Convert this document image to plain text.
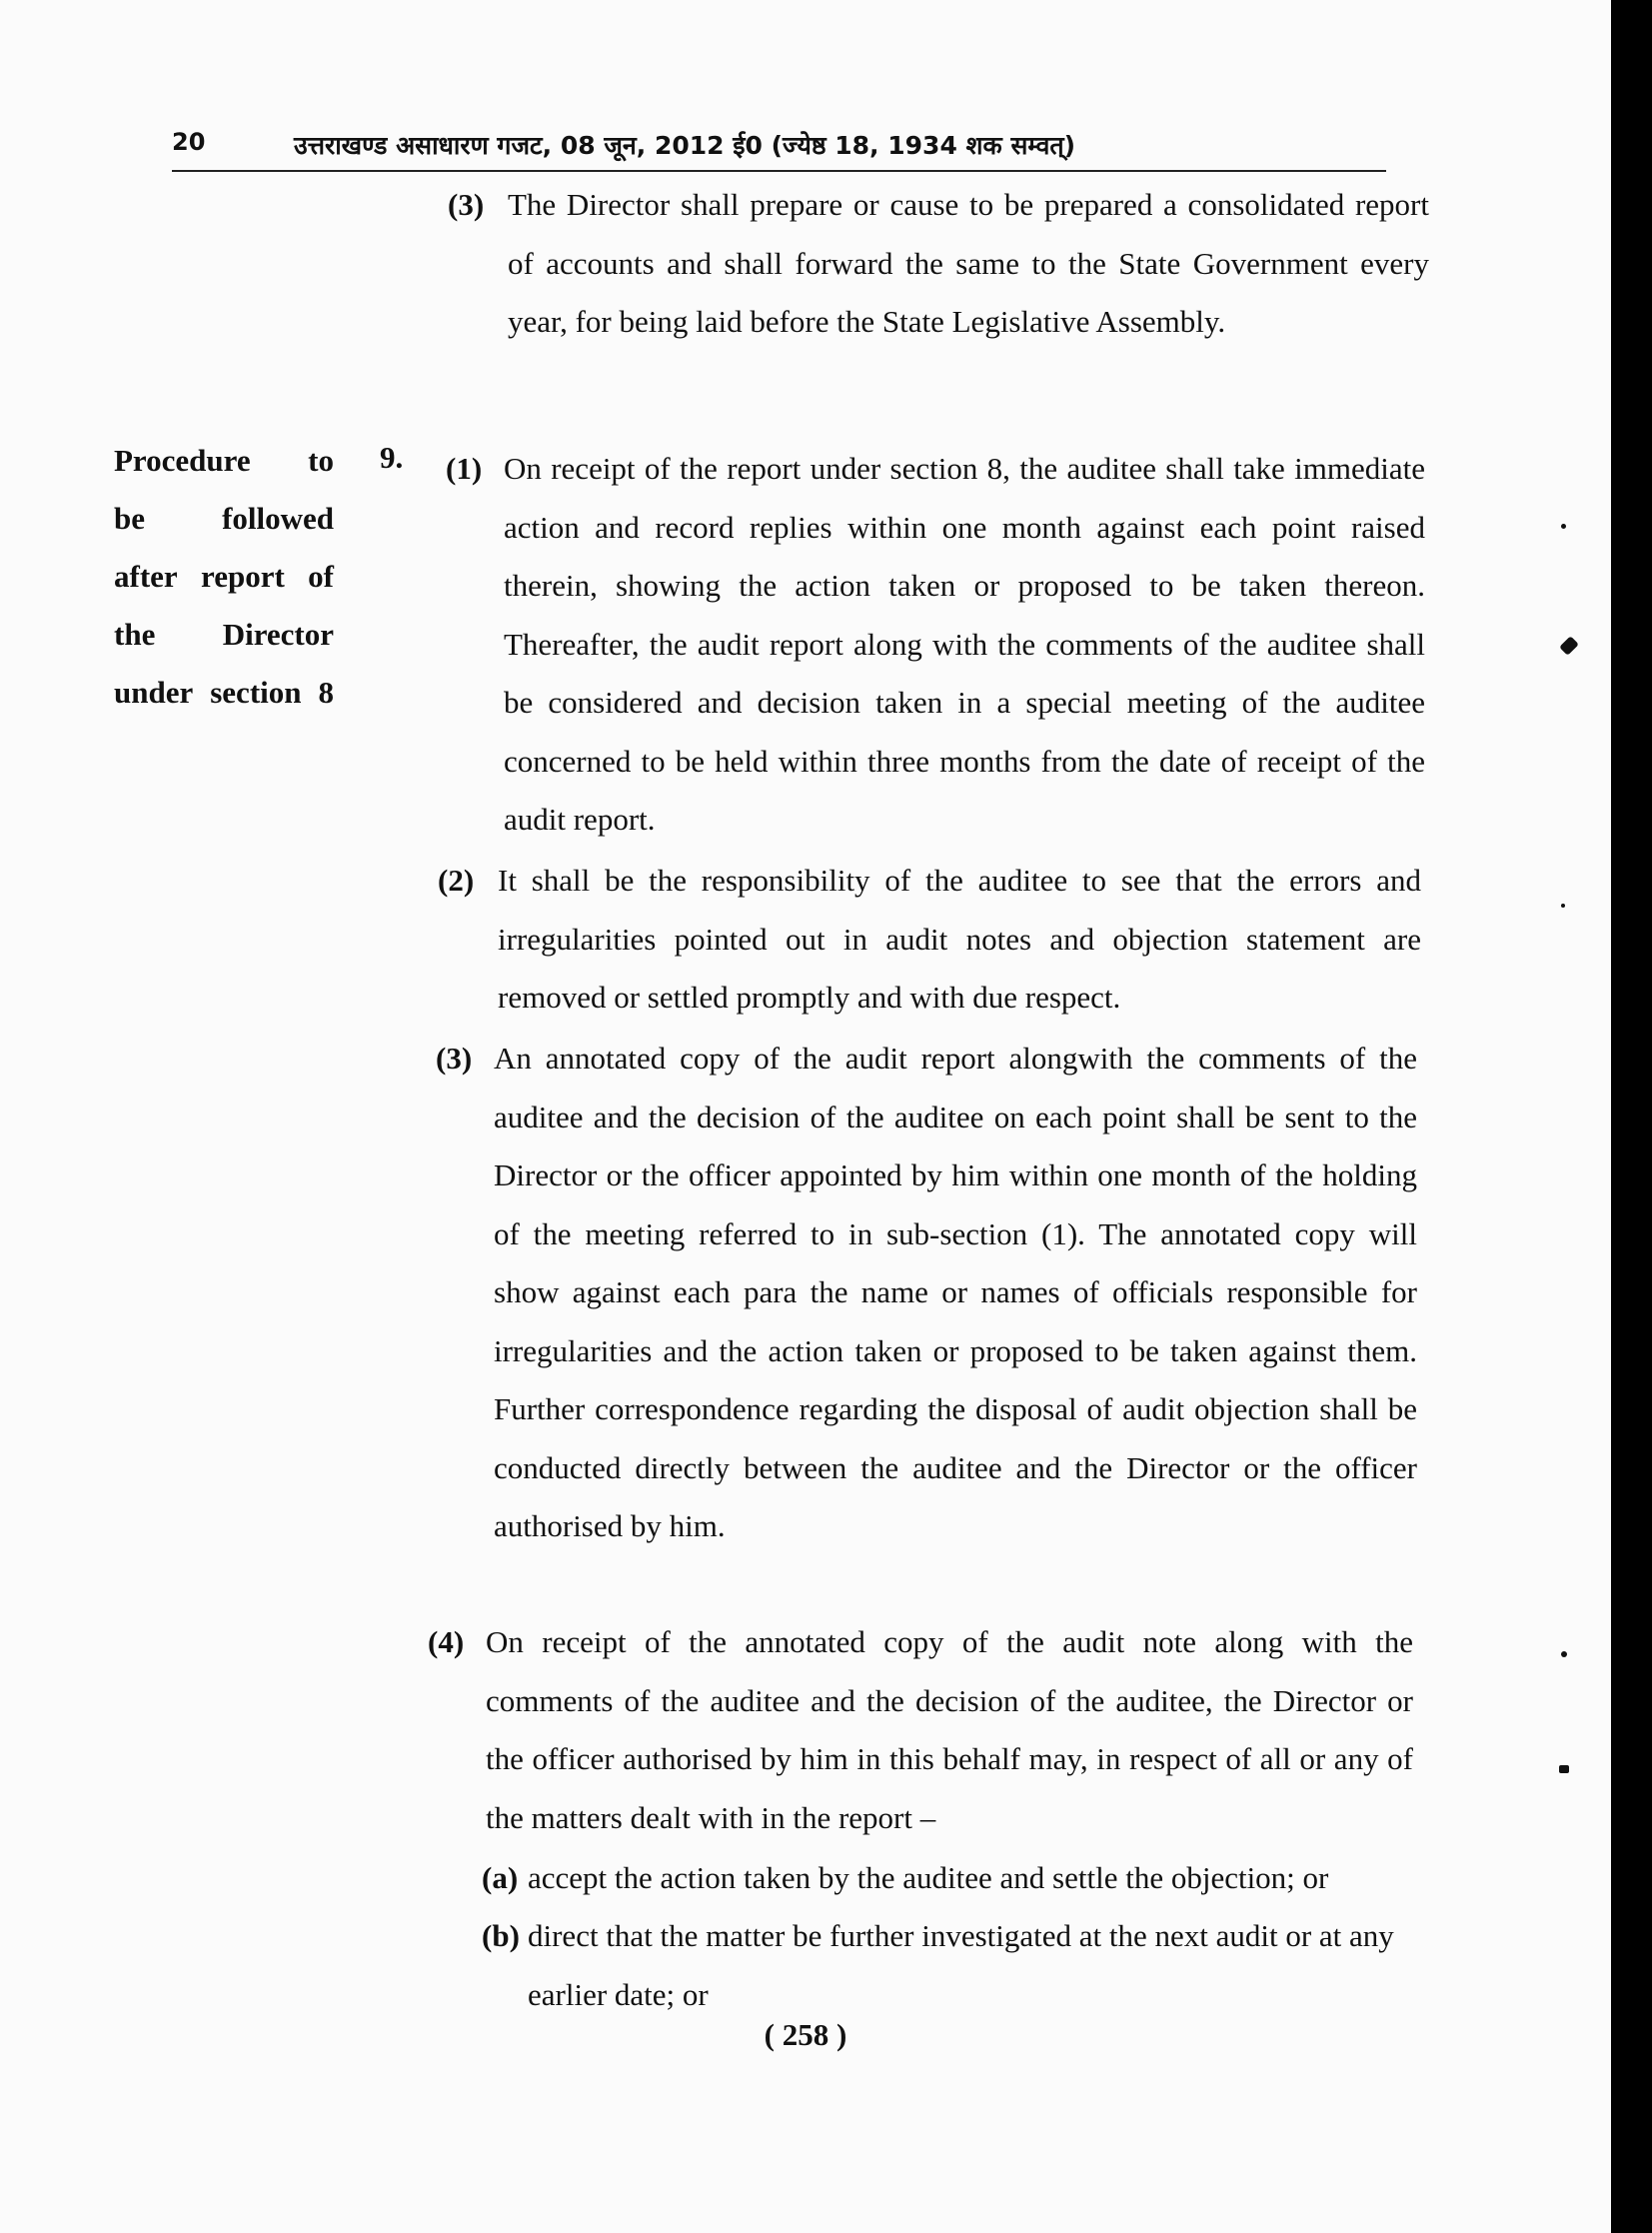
20	उत्तराखण्ड असाधारण गजट, 08 जून, 2012 ई0 (ज्येष्ठ 18, 1934 शक सम्वत्)
(3) The Director shall prepare or cause to be prepared a consolidated report of accounts and shall forward the same to the State Government every year, for being laid before the State Legislative Assembly.
Procedure to
be followed
after report of
the Director
under section 8
9. (1) On receipt of the report under section 8, the auditee shall take immediate action and record replies within one month against each point raised therein, showing the action taken or proposed to be taken thereon. Thereafter, the audit report along with the comments of the auditee shall be considered and decision taken in a special meeting of the auditee concerned to be held within three months from the date of receipt of the audit report.
(2) It shall be the responsibility of the auditee to see that the errors and irregularities pointed out in audit notes and objection statement are removed or settled promptly and with due respect.
(3) An annotated copy of the audit report alongwith the comments of the auditee and the decision of the auditee on each point shall be sent to the Director or the officer appointed by him within one month of the holding of the meeting referred to in sub-section (1). The annotated copy will show against each para the name or names of officials responsible for irregularities and the action taken or proposed to be taken against them. Further correspondence regarding the disposal of audit objection shall be conducted directly between the auditee and the Director or the officer authorised by him.
(4) On receipt of the annotated copy of the audit note along with the comments of the auditee and the decision of the auditee, the Director or the officer authorised by him in this behalf may, in respect of all or any of the matters dealt with in the report –
(a) accept the action taken by the auditee and settle the objection; or
(b) direct that the matter be further investigated at the next audit or at any earlier date; or
( 258 )
